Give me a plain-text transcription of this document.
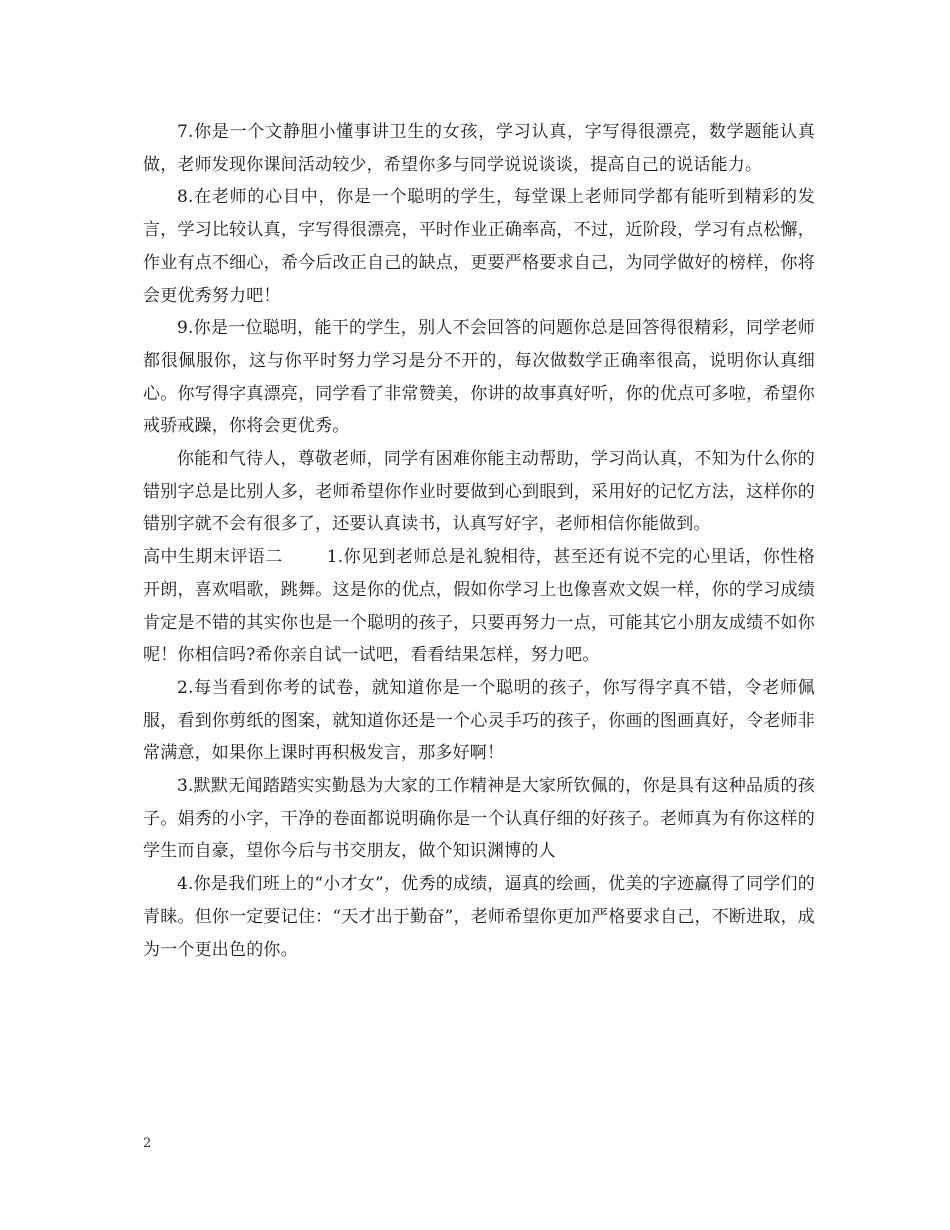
7.你是一个文静胆小懂事讲卫生的女孩，学习认真，字写得很漂亮，数学题能认真做，老师发现你课间活动较少，希望你多与同学说说谈谈，提高自己的说话能力。

8.在老师的心目中，你是一个聪明的学生，每堂课上老师同学都有能听到精彩的发言，学习比较认真，字写得很漂亮，平时作业正确率高，不过，近阶段，学习有点松懈，作业有点不细心，希今后改正自己的缺点，更要严格要求自己，为同学做好的榜样，你将会更优秀努力吧！

9.你是一位聪明，能干的学生，别人不会回答的问题你总是回答得很精彩，同学老师都很佩服你，这与你平时努力学习是分不开的，每次做数学正确率很高，说明你认真细心。你写得字真漂亮，同学看了非常赞美，你讲的故事真好听，你的优点可多啦，希望你戒骄戒躁，你将会更优秀。

你能和气待人，尊敬老师，同学有困难你能主动帮助，学习尚认真，不知为什么你的错别字总是比别人多，老师希望你作业时要做到心到眼到，采用好的记忆方法，这样你的错别字就不会有很多了，还要认真读书，认真写好字，老师相信你能做到。

高中生期末评语二	1.你见到老师总是礼貌相待，甚至还有说不完的心里话，你性格开朗，喜欢唱歌，跳舞。这是你的优点，假如你学习上也像喜欢文娱一样，你的学习成绩肯定是不错的其实你也是一个聪明的孩子，只要再努力一点，可能其它小朋友成绩不如你呢！你相信吗?希你亲自试一试吧，看看结果怎样，努力吧。

2.每当看到你考的试卷，就知道你是一个聪明的孩子，你写得字真不错，令老师佩服，看到你剪纸的图案，就知道你还是一个心灵手巧的孩子，你画的图画真好，令老师非常满意，如果你上课时再积极发言，那多好啊！

3.默默无闻踏踏实实勤恳为大家的工作精神是大家所钦佩的，你是具有这种品质的孩子。娟秀的小字，干净的卷面都说明确你是一个认真仔细的好孩子。老师真为有你这样的学生而自豪，望你今后与书交朋友，做个知识渊博的人

4.你是我们班上的“小才女”，优秀的成绩，逼真的绘画，优美的字迹赢得了同学们的青睐。但你一定要记住：“天才出于勤奋”，老师希望你更加严格要求自己，不断进取，成为一个更出色的你。

2
